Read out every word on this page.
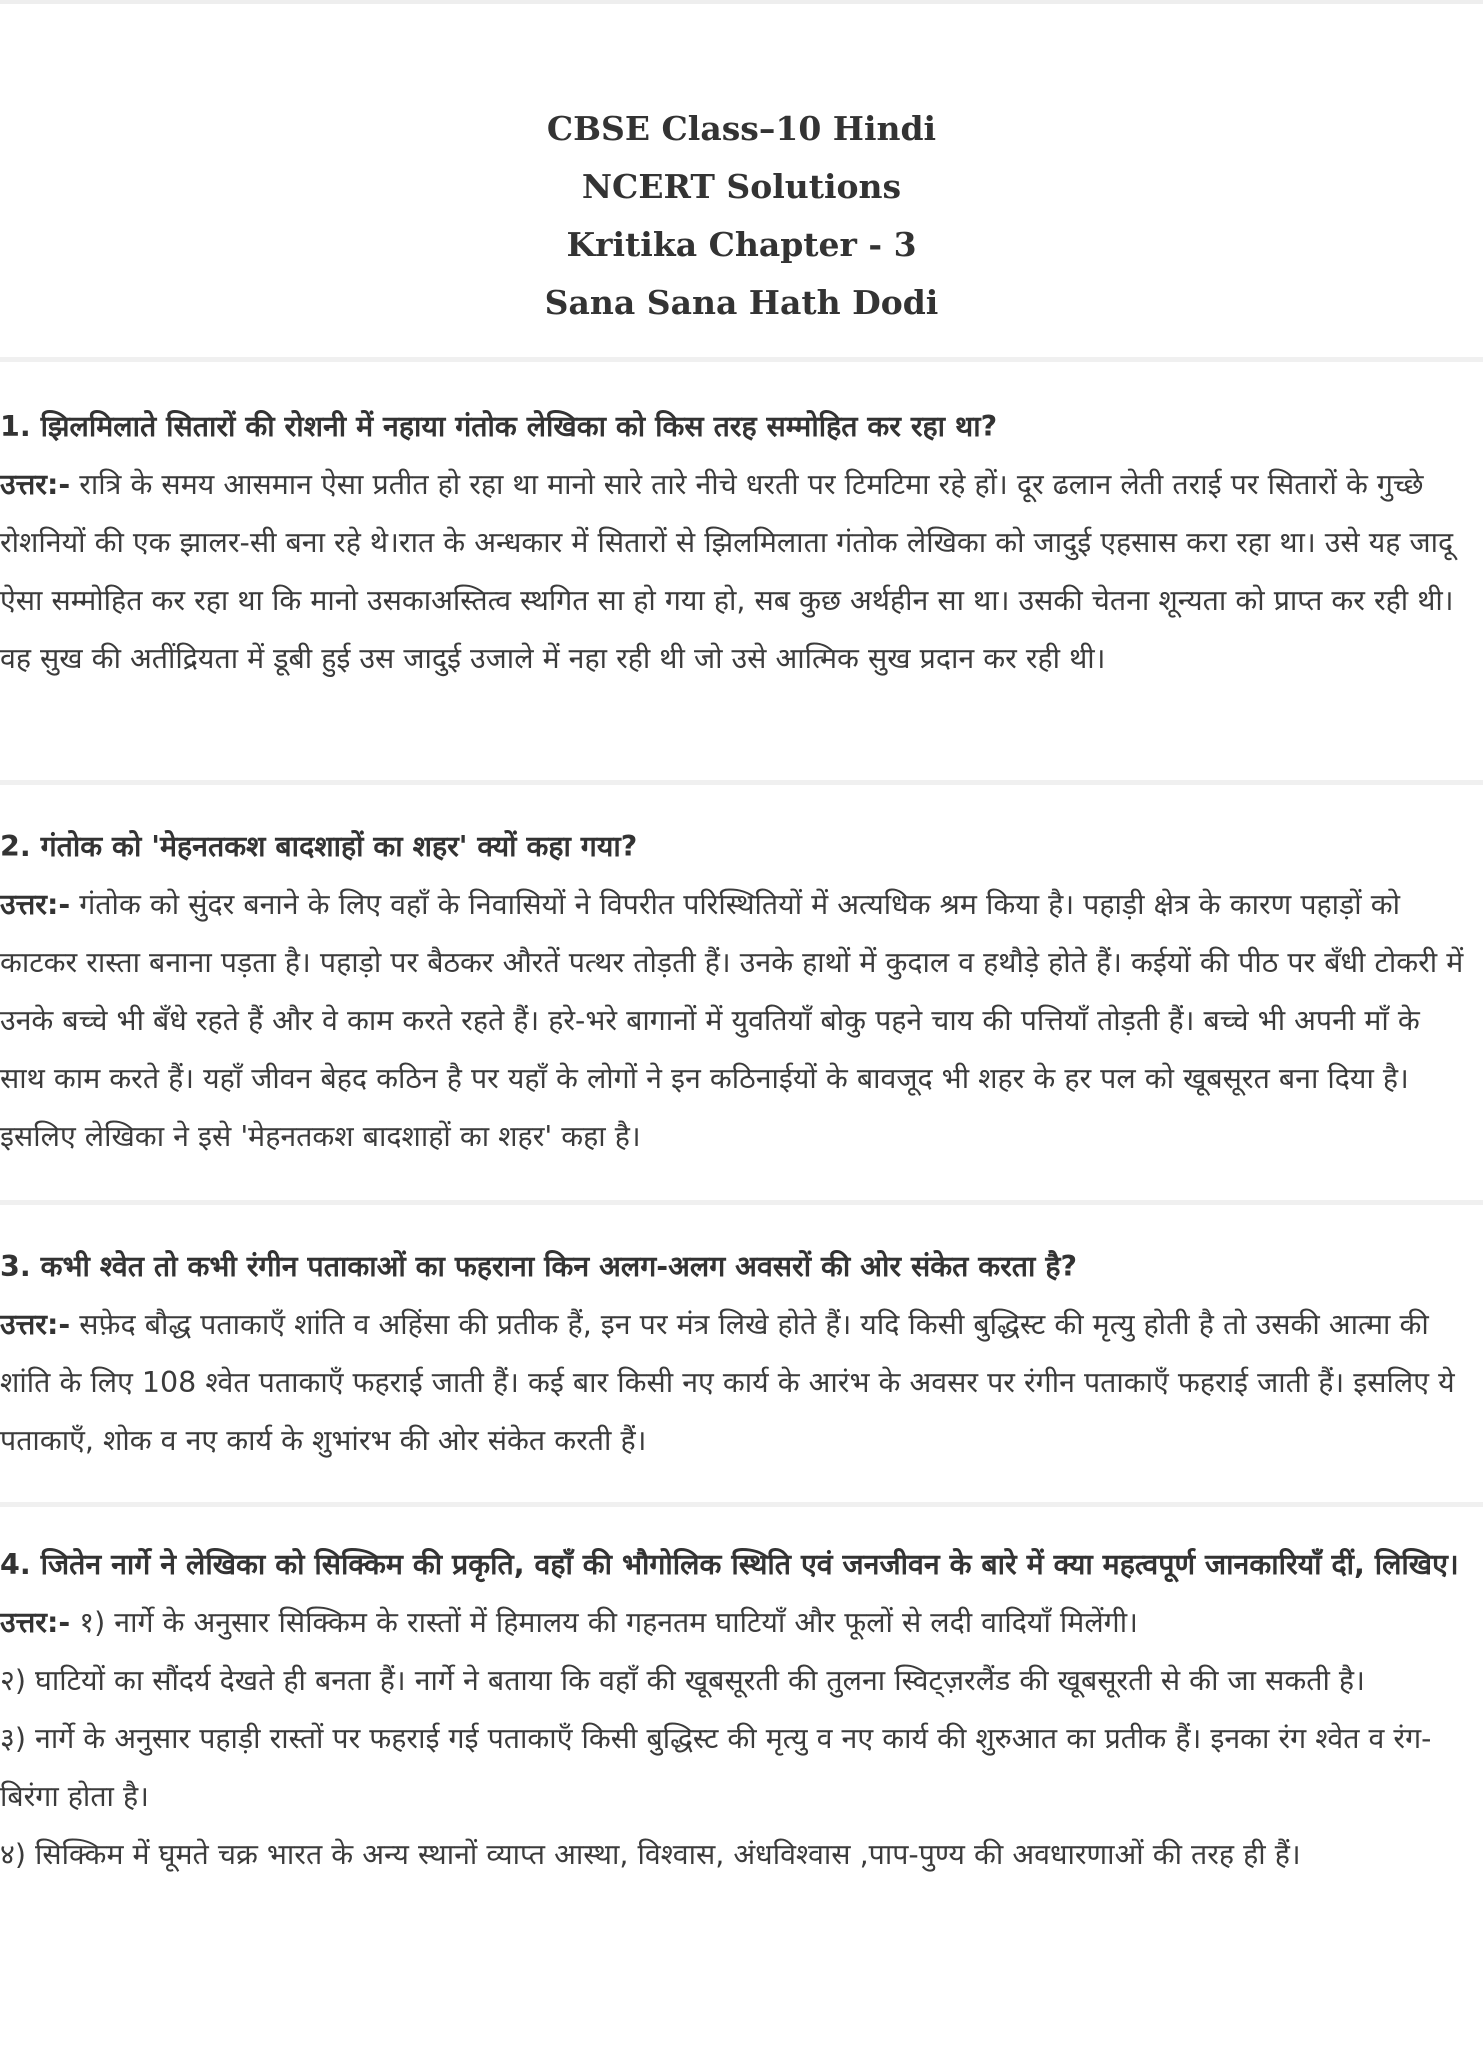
CBSE Class–10 Hindi
NCERT Solutions
Kritika Chapter - 3
Sana Sana Hath Dodi

1. झिलमिलाते सितारों की रोशनी में नहाया गंतोक लेखिका को किस तरह सम्मोहित कर रहा था?

उत्तर:- रात्रि के समय आसमान ऐसा प्रतीत हो रहा था मानो सारे तारे नीचे धरती पर टिमटिमा रहे हों। दूर ढलान लेती तराई पर सितारों के गुच्छे रोशनियों की एक झालर-सी बना रहे थे।रात के अन्धकार में सितारों से झिलमिलाता गंतोक लेखिका को जादुई एहसास करा रहा था। उसे यह जादू ऐसा सम्मोहित कर रहा था कि मानो उसकाअस्तित्व स्थगित सा हो गया हो, सब कुछ अर्थहीन सा था। उसकी चेतना शून्यता को प्राप्त कर रही थी। वह सुख की अतींद्रियता में डूबी हुई उस जादुई उजाले में नहा रही थी जो उसे आत्मिक सुख प्रदान कर रही थी।

2. गंतोक को 'मेहनतकश बादशाहों का शहर' क्यों कहा गया?

उत्तर:- गंतोक को सुंदर बनाने के लिए वहाँ के निवासियों ने विपरीत परिस्थितियों में अत्यधिक श्रम किया है। पहाड़ी क्षेत्र के कारण पहाड़ों को काटकर रास्ता बनाना पड़ता है। पहाड़ो पर बैठकर औरतें पत्थर तोड़ती हैं। उनके हाथों में कुदाल व हथौड़े होते हैं। कईयों की पीठ पर बँधी टोकरी में उनके बच्चे भी बँधे रहते हैं और वे काम करते रहते हैं। हरे-भरे बागानों में युवतियाँ बोकु पहने चाय की पत्तियाँ तोड़ती हैं। बच्चे भी अपनी माँ के साथ काम करते हैं। यहाँ जीवन बेहद कठिन है पर यहाँ के लोगों ने इन कठिनाईयों के बावजूद भी शहर के हर पल को खूबसूरत बना दिया है। इसलिए लेखिका ने इसे 'मेहनतकश बादशाहों का शहर' कहा है।

3. कभी श्वेत तो कभी रंगीन पताकाओं का फहराना किन अलग-अलग अवसरों की ओर संकेत करता है?

उत्तर:- सफ़ेद बौद्ध पताकाएँ शांति व अहिंसा की प्रतीक हैं, इन पर मंत्र लिखे होते हैं। यदि किसी बुद्धिस्ट की मृत्यु होती है तो उसकी आत्मा की शांति के लिए 108 श्वेत पताकाएँ फहराई जाती हैं। कई बार किसी नए कार्य के आरंभ के अवसर पर रंगीन पताकाएँ फहराई जाती हैं। इसलिए ये पताकाएँ, शोक व नए कार्य के शुभांरभ की ओर संकेत करती हैं।

4. जितेन नार्गे ने लेखिका को सिक्किम की प्रकृति, वहाँ की भौगोलिक स्थिति एवं जनजीवन के बारे में क्या महत्वपूर्ण जानकारियाँ दीं, लिखिए।

उत्तर:- १) नार्गे के अनुसार सिक्किम के रास्तों में हिमालय की गहनतम घाटियाँ और फूलों से लदी वादियाँ मिलेंगी।

२) घाटियों का सौंदर्य देखते ही बनता हैं। नार्गे ने बताया कि वहाँ की खूबसूरती की तुलना स्विट्ज़रलैंड की खूबसूरती से की जा सकती है।

३) नार्गे के अनुसार पहाड़ी रास्तों पर फहराई गई पताकाएँ किसी बुद्धिस्ट की मृत्यु व नए कार्य की शुरुआत का प्रतीक हैं। इनका रंग श्वेत व रंग-बिरंगा होता है।

४) सिक्किम में घूमते चक्र भारत के अन्य स्थानों व्याप्त आस्था, विश्वास, अंधविश्वास ,पाप-पुण्य की अवधारणाओं की तरह ही हैं।
